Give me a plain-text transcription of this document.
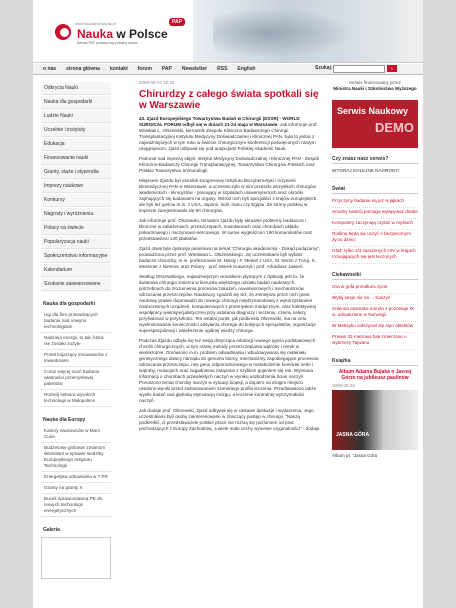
www.naukawpolsce.pap.pl
Nauka w Polsce
Serwis PAP poświęcony polskiej nauce
PAP
o nas strona główna kontakt forum PAP Newsletter RSS English	Szukaj:	»
Odkrycia Nauki
Nauka dla gospodarki
Ludzie Nauki
Uczelnie i instytuty
Edukacja
Finansowanie nauki
Granty, staże i stypendia
Imprezy naukowe
Konkursy
Nagrody i wyróżnienia
Polacy na świecie
Popularyzacja nauki
Społeczeństwo informacyjne
Kalendarium
Szukanie zaawansowane
Nauka dla gospodarki
Ugi dla firm prowadzących badania nad nowymi technologiami
Nadzieja energii, to tak, która nie zostało zużyte
Portal kojarzący innowatorów z inwestorami
Coraz więcej oceń badaniu własności przemysłowej patentów
Rozwój sektora wysokich technologii w Małopolsce
Nauka dla Europy
Kariery naukowców w Marii Curie
Budżetowe globowe zmianom Wieloletni w sprawie siedziby Europejskiego Instytutu Technologii
Energetyka odnawialna w 7.PR
Granty na granty II
Bucek sprawozdawcą PE ds. nowych technologii energetycznych
Galeria
2008-05-27 10:34
Chirurdzy z całego świata spotkali się w Warszawie

43. Zjazd Europejskiego Towarzystwa Badań w Chirurgii (ESSR) - WORLD SURGICAL FORUM odbył się w dniach 21-24 maja w Warszawie. Jak informuje prof. Wiesław L. Olszewski, kierownik Zespołu Kliniczno-Badawczego Chirurgii Transplantacyjnej Instytutu Medycyny Doświadczalnej i Klinicznej PAN, była to jedna z najważniejszych w tym roku w świecie chirurgicznym konferencji poświęconych nowym osiągnięciom, zjazd odbywał się pod auspicjami Polskiej Akademii Nauk.

Patronat nad imprezą objęli: Instytut Medycyny Doświadczalnej i Klinicznej PAN - Zespół Kliniczno-Badawczy Chirurgii Transplantacyjnej, Towarzystwo Chirurgów Polskich oraz Polskie Towarzystwo Immunologii.

Miejscem Zjazdu był ośrodek kongresowy Instytutu Biocybernetyki i Inżynierii Biomedycznej PAN w Warszawie, a uczestniczyło w nim przeszło wszystkich chirurgów akademickich - klinicystów - pracujący w szpitalach uniwersyteckich oraz ośrodki zajmujących się badaniami na organy. Wśród nich byli specjaliści z krajów europejskich, ale byli też goście m.in. z USA, Japonii, Indii, Iranu czy Egiptu. Ze strony polskiej w imprezie zarejestrowało się 90 chirurgów.

Jak informuje prof. Olszewski, tematem zjazdu były aktualne problemy badawcze i kliniczne w zakażeniach, przeszczepach, nowotworach oraz chorobach układu pokarmowego i naczyniowo-sercowego. W sumie wygłoszono 190 komunikatów oraz przedstawiono 140 plakatów.

Zjazd otworzyła dyskusja panelowa na temat "Chirurgia akademicka - Dokąd podążamy", prowadzona przez prof. Wiesława L. Olszewskiego. Jej uczestnikami byli wybitni badacze chirurdzy, m.in. profesorowie M. Hardy i F. Merkel z USA, M. Serrin z Turcji, K. Messmer z Niemiec oraz Polacy - prof. Marek Krawczyk i prof. Arkadiusz Jawień.

Według Olszewskiego, najważniejszym wnioskiem płynącym z dyskusji jest to, że światowa chirurgia zmierza w kierunku większego udziału badań naukowych, potrzebnych do zrozumienia procesów zakażeń, nowotworowych i mechanizmów odrzucania przeszczepów. Naukowcy zgodzili się też, że zmniejsza przez nich grant naukowy prawie doprowadzi do nowego chirurgii międzynarodowej z wykorzystaniem nowoczesnych urządzeń, komputerowych z przemysłem medycznym, oraz kolektywnej współpracy wielospecjalistycznej przy ustalaniu diagnozy i leczeniu, czemu należy przyświecać w przyszłości. Ten ostatni punkt, jak podkreśla Olszewski, ma na celu wyeliminowanie konieczności odsyłania chorego do kolejnych specjalistów, organizacje superspecjalizacji i zwiększenie ogólnej wiedzy chirurga.

Podczas Zjazdu odbyła się też sesja dotycząca edukacji nowego ujęcia podstawowych chorób chirurgicznych, w tym nowej metody przeszczepiania wątroby i nerek w wielokrotnie. Omówiono m.in. problem odwadniania i wbudowywania się materiału genetycznego dawcy narządu do genomu biorcy, mechanizmy zapobiegające procesowi odrzucania przeszczepu, rolę genu odpornościowego w metabolizmie komórek nerki i wątroby, mutacjach oraz zagadnienia związane z szybkim gojeniem się ran. Wymiana informacji o chorobach przewlekłych naczyń w wyniku uszkodzenia ścian naczyń. Poruszono temat choroby naczyń w sytuacji biopsji, a dopiero na drugim miejscu ustalono wyniki przed zastosowaniem szerokiego profilu leczenia. Przedstawiono także wyniki badań nad głęboką stymulacją mózgu, a leczenie kontrolnej wytrzymałości naczyń.

Jak dodaje prof. Olszewski, Zjazd odbywał się w ciekawe dyskusje i wydarzenia. Jego uczestnikami byli osoby zainteresowane w znaczący postęp w chirurgii. "Naszą podkreślić, iż przedstawiciele polskie prace nie różnią się poziomem od prac pochodzących z Europy Zachodniej, a wiele mało cechy wyniesie oryginalności" - dodaje.

Serwis finansowany przez
Ministra Nauki i Szkolnictwa Wyższego
Serwis Naukowy
DEMO
Czy znasz nasz serwis?
WYGRAJ KOLEJNE NAGRODY!
Świat
Przyczyny badanie są już w jajkach
Smutny nastrój pomaga wyłapywać detale
Komputery zaczynają czytać w myślach
Roślinę będą się uczyć o bezpiecznym życiu dzieci
ONZ: tylko 1/3 zarażonych HIV w krajach rozwijających się jest leczonych
Ciekawostki
Gra w gofa przedłuża życie
Wybij sesje nie na ... Kaszyć
Solenna asamska morela z pozostaje IX w. odnalezione w Norwegii
W Meksyku założyciel się sipo obiektów
Prawie 32-metrowa fale zmierzone u wybrzeży Tajwanu
Książka
Album Adama Bujaka o Jasnej Górze na jubileusz paulinów
2008-05-02
JASNA GÓRA
Album pt. "Jasna Góra
